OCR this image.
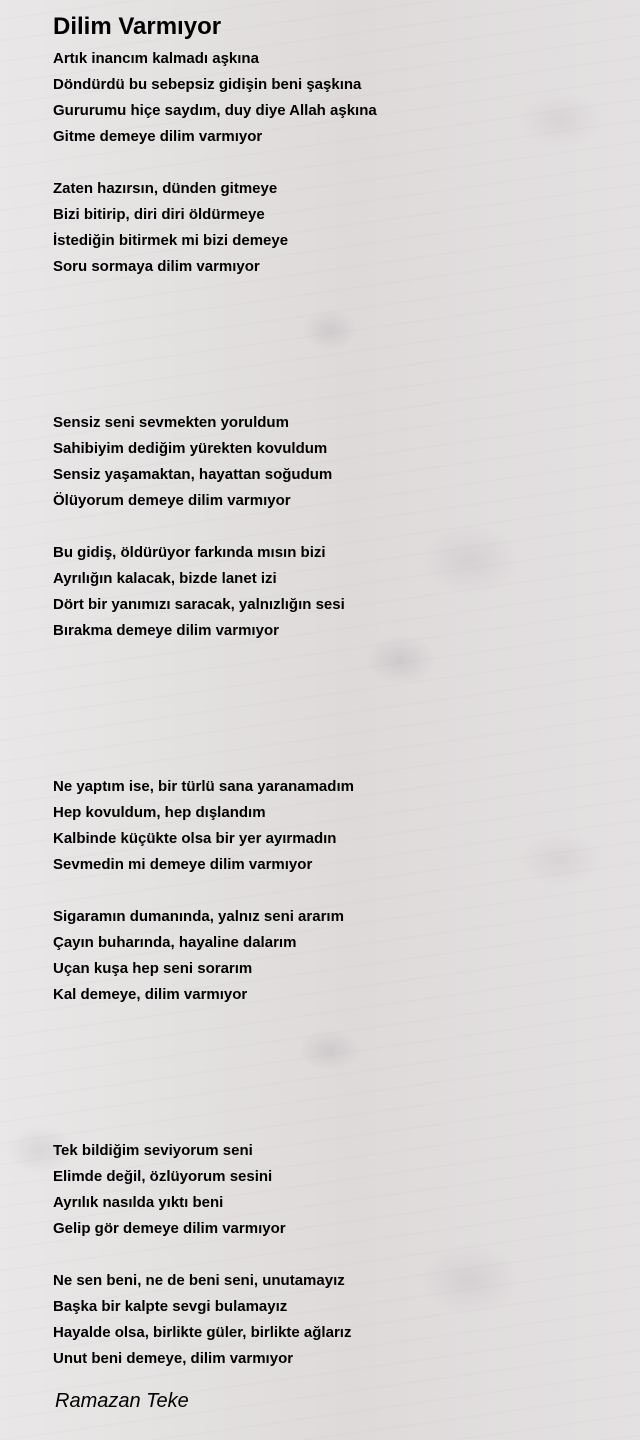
Dilim Varmıyor
Artık inancım kalmadı aşkına
Döndürdü bu sebepsiz gidişin beni şaşkına
Gururumu hiçe saydım, duy diye Allah aşkına
Gitme demeye dilim varmıyor
Zaten hazırsın, dünden gitmeye
Bizi bitirip, diri diri öldürmeye
İstediğin bitirmek mi bizi demeye
Soru sormaya dilim varmıyor
Sensiz seni sevmekten yoruldum
Sahibiyim dediğim yürekten kovuldum
Sensiz yaşamaktan, hayattan soğudum
Ölüyorum demeye dilim varmıyor
Bu gidiş, öldürüyor farkında mısın bizi
Ayrılığın kalacak, bizde lanet izi
Dört bir yanımızı saracak, yalnızlığın sesi
Bırakma demeye dilim varmıyor
Ne yaptım ise, bir türlü sana yaranamadım
Hep kovuldum, hep dışlandım
Kalbinde küçükte olsa bir yer ayırmadın
Sevmedin mi demeye dilim varmıyor
Sigaramın dumanında, yalnız seni ararım
Çayın buharında, hayaline dalarım
Uçan kuşa hep seni sorarım
Kal demeye, dilim varmıyor
Tek bildiğim seviyorum seni
Elimde değil, özlüyorum sesini
Ayrılık nasılda yıktı beni
Gelip gör demeye dilim varmıyor
Ne sen beni, ne de beni seni, unutamayız
Başka bir kalpte sevgi bulamayız
Hayalde olsa, birlikte güler, birlikte ağlarız
Unut beni demeye, dilim varmıyor
Ramazan Teke
